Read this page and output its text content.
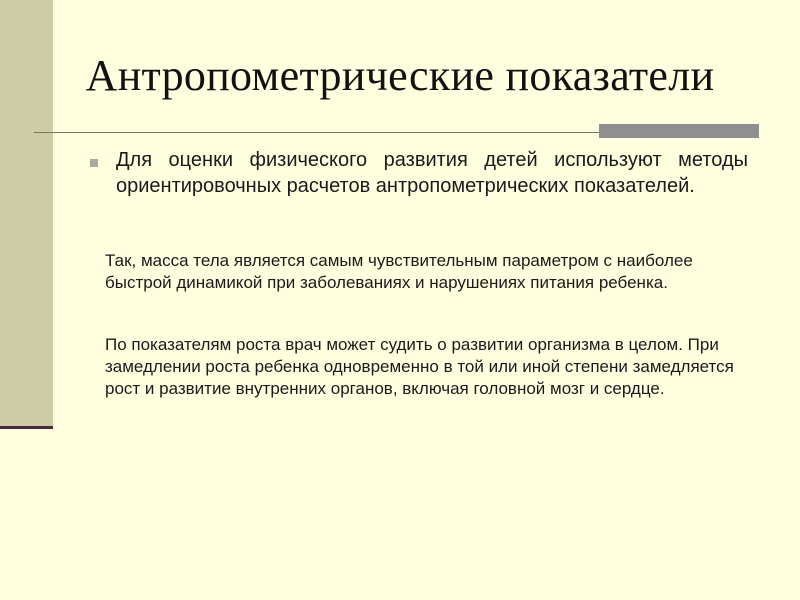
Антропометрические показатели

Для оценки физического развития детей используют методы ориентировочных расчетов антропометрических показателей.

Так, масса тела является самым чувствительным параметром с наиболее быстрой динамикой при заболеваниях и нарушениях питания ребенка.

По показателям роста врач может судить о развитии организма в целом. При замедлении роста ребенка одновременно в той или иной степени замедляется рост и развитие внутренних органов, включая головной мозг и сердце.
